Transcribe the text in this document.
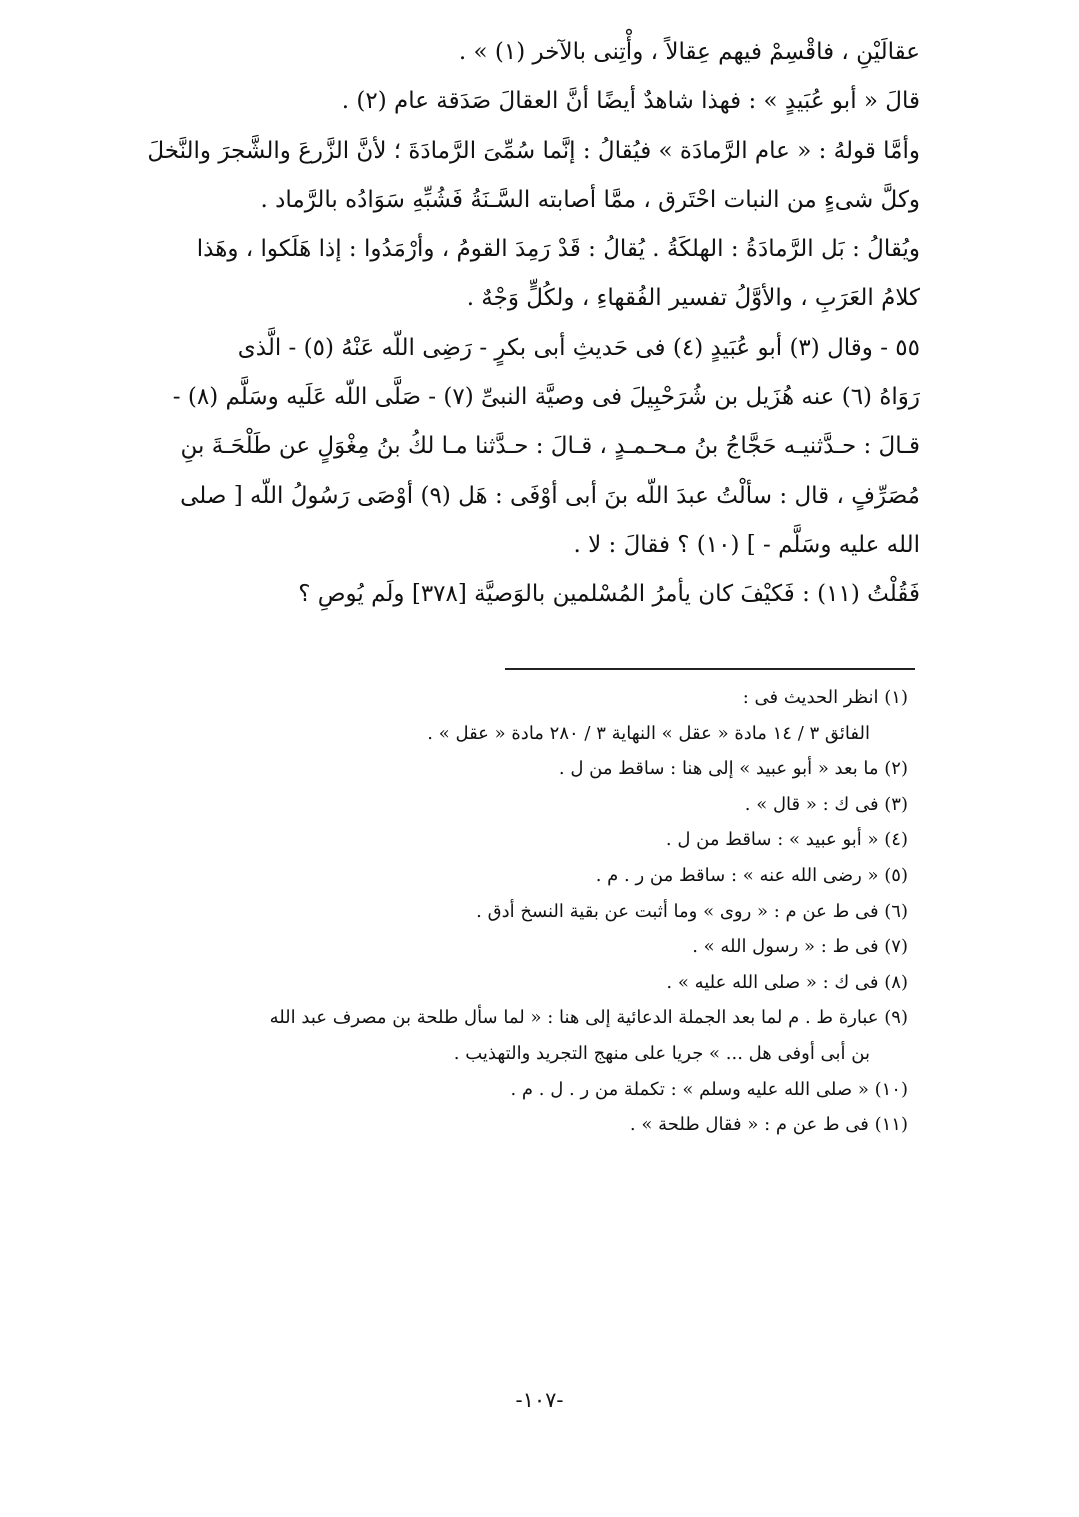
عقالَيْنِ ، فاقْسِمْ فيهم عِقالاً ، وأْتِنى بالآخر (١) » .
قالَ « أبو عُبَيدٍ » : فهذا شاهدٌ أيضًا أنَّ العقالَ صَدَقة عام (٢) .
وأمَّا قولهُ : « عام الرَّمادَة » فيُقالُ : إنَّما سُمِّىَ الرَّمادَةَ ؛ لأنَّ الزَّرعَ والشَّجرَ والنَّخلَ
وكلَّ شىءٍ من النبات احْتَرق ، ممَّا أصابته السَّـنَةُ فَشُبِّهِ سَوَادُه بالرَّماد .
ويُقالُ : بَل الرَّمادَةُ : الهلكَةُ . يُقالُ : قَدْ رَمِدَ القومُ ، وأرْمَدُوا : إذا هَلَكوا ، وهَذا
كلامُ العَرَبِ ، والأوَّلُ تفسير الفُقهاءِ ، ولكُلٍّ وَجْهٌ .
٥٥ - وقال (٣) أبو عُبَيدٍ (٤) فى حَديثِ أبى بكرٍ - رَضِى اللّه عَنْهُ (٥) - الَّذى
رَوَاهُ (٦) عنه هُزَيل بن شُرَحْبِيلَ فى وصيَّة النبىِّ (٧) - صَلَّى اللّه عَلَيه وسَلَّم (٨) -
قـالَ : حـدَّثنيـه حَجَّاجُ بنُ مـحـمـدٍ ، قـالَ : حـدَّثنا مـا لكُ بنُ مِغْوَلٍ عن طَلْحَـةَ بنِ
مُصَرِّفٍ ، قال : سألْتُ عبدَ اللّه بنَ أبى أوْفَى : هَل (٩) أوْصَى رَسُولُ اللّه [ صلى
الله عليه وسَلَّم - ] (١٠) ؟ فقالَ : لا .
فَقُلْتُ (١١) : فَكيْفَ كان يأمرُ المُسْلمين بالوَصيَّة [٣٧٨] ولَم يُوصِ ؟
(١) انظر الحديث فى :
الفائق ٣ / ١٤ مادة « عقل » النهاية ٣ / ٢٨٠ مادة « عقل » .
(٢) ما بعد « أبو عبيد » إلى هنا : ساقط من ل .
(٣) فى ك : « قال » .
(٤) « أبو عبيد » : ساقط من ل .
(٥) « رضى الله عنه » : ساقط من ر . م .
(٦) فى ط عن م : « روى » وما أثبت عن بقية النسخ أدق .
(٧) فى ط : « رسول الله » .
(٨) فى ك : « صلى الله عليه » .
(٩) عبارة ط . م لما بعد الجملة الدعائية إلى هنا : « لما سأل طلحة بن مصرف عبد الله
بن أبى أوفى هل ... » جريا على منهج التجريد والتهذيب .
(١٠) « صلى الله عليه وسلم » : تكملة من ر . ل . م .
(١١) فى ط عن م : « فقال طلحة » .
-١٠٧-
